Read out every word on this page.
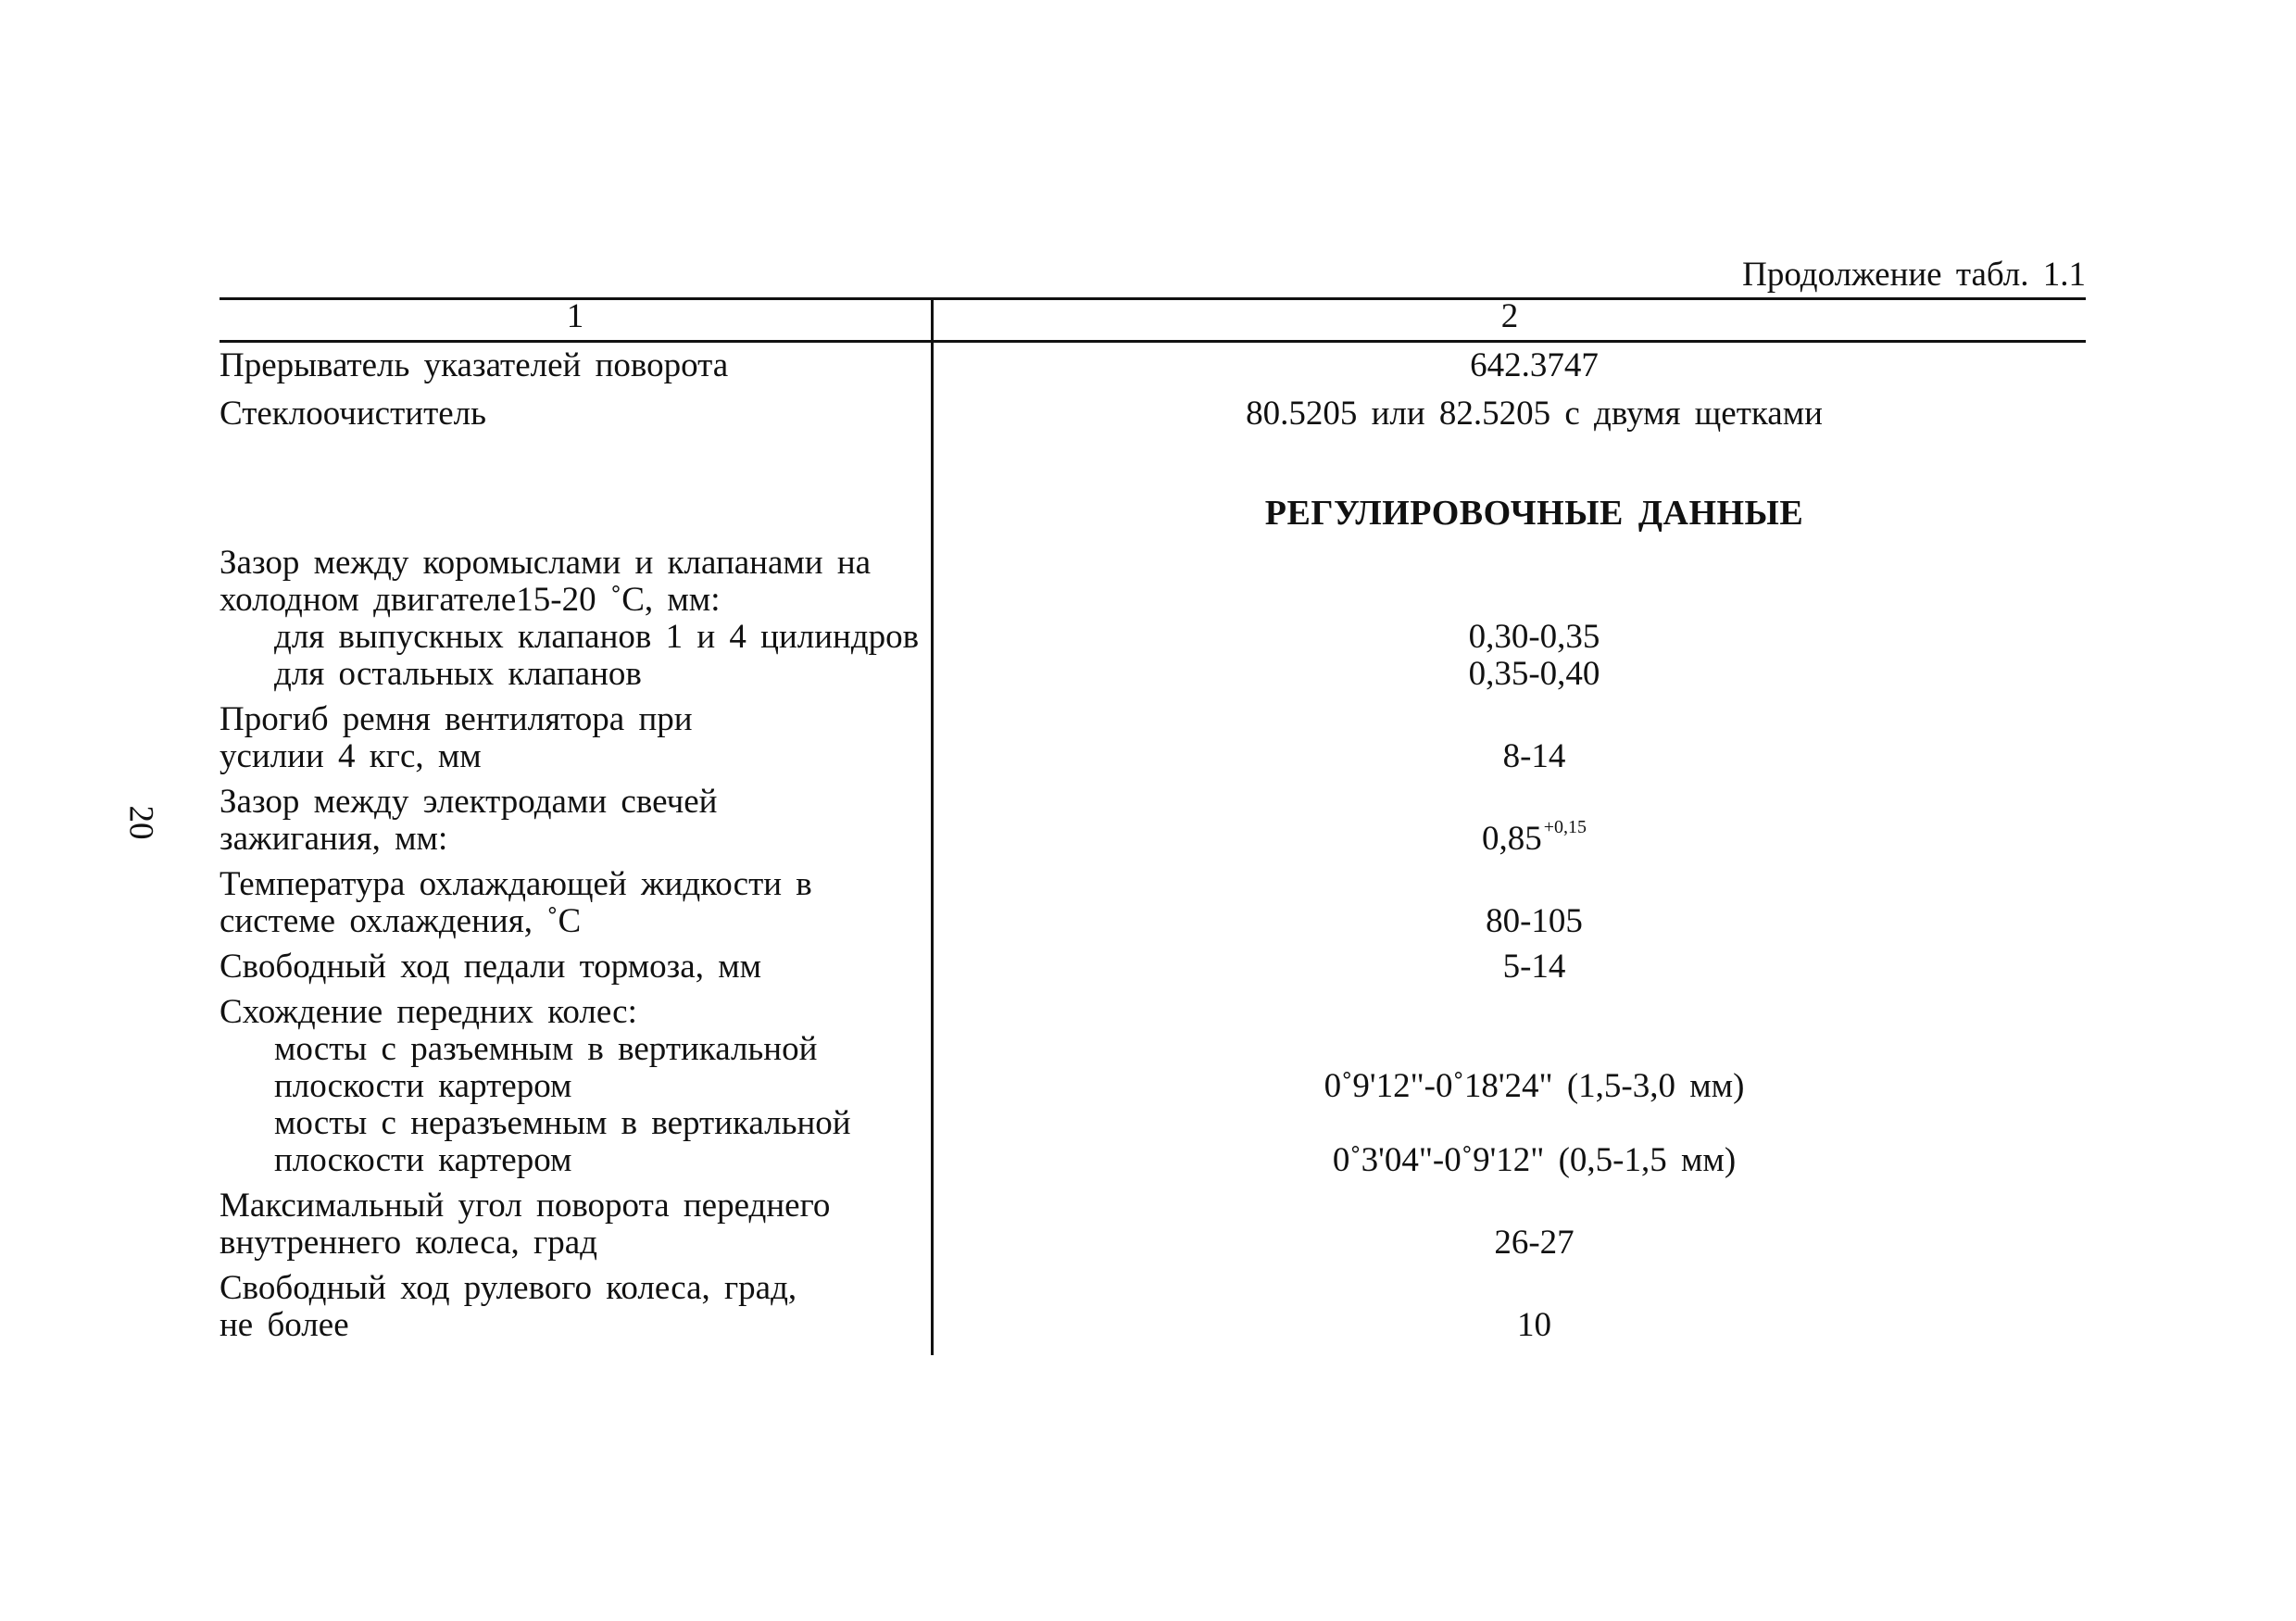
20
Продолжение табл. 1.1
1	2
Прерыватель указателей поворота	642.3747
Стеклоочиститель	80.5205 или 82.5205 с двумя щетками
РЕГУЛИРОВОЧНЫЕ ДАННЫЕ
Зазор между коромыслами и клапанами на
холодном двигателе15-20 ˚С, мм:
для выпускных клапанов 1 и 4 цилиндров	0,30-0,35
для остальных клапанов	0,35-0,40
Прогиб ремня вентилятора при
усилии 4 кгс, мм	8-14
Зазор между электродами свечей
зажигания, мм:	0,85 $^{+0,15}$
Температура охлаждающей жидкости в
системе охлаждения, ˚С	80-105
Свободный ход педали тормоза, мм	5-14
Схождение передних колес:
мосты с разъемным в вертикальной
плоскости картером	0˚9'12"-0˚18'24" (1,5-3,0 мм)
мосты с неразъемным в вертикальной
плоскости картером	0˚3'04"-0˚9'12" (0,5-1,5 мм)
Максимальный угол поворота переднего
внутреннего колеса, град	26-27
Свободный ход рулевого колеса, град,
не более	10
